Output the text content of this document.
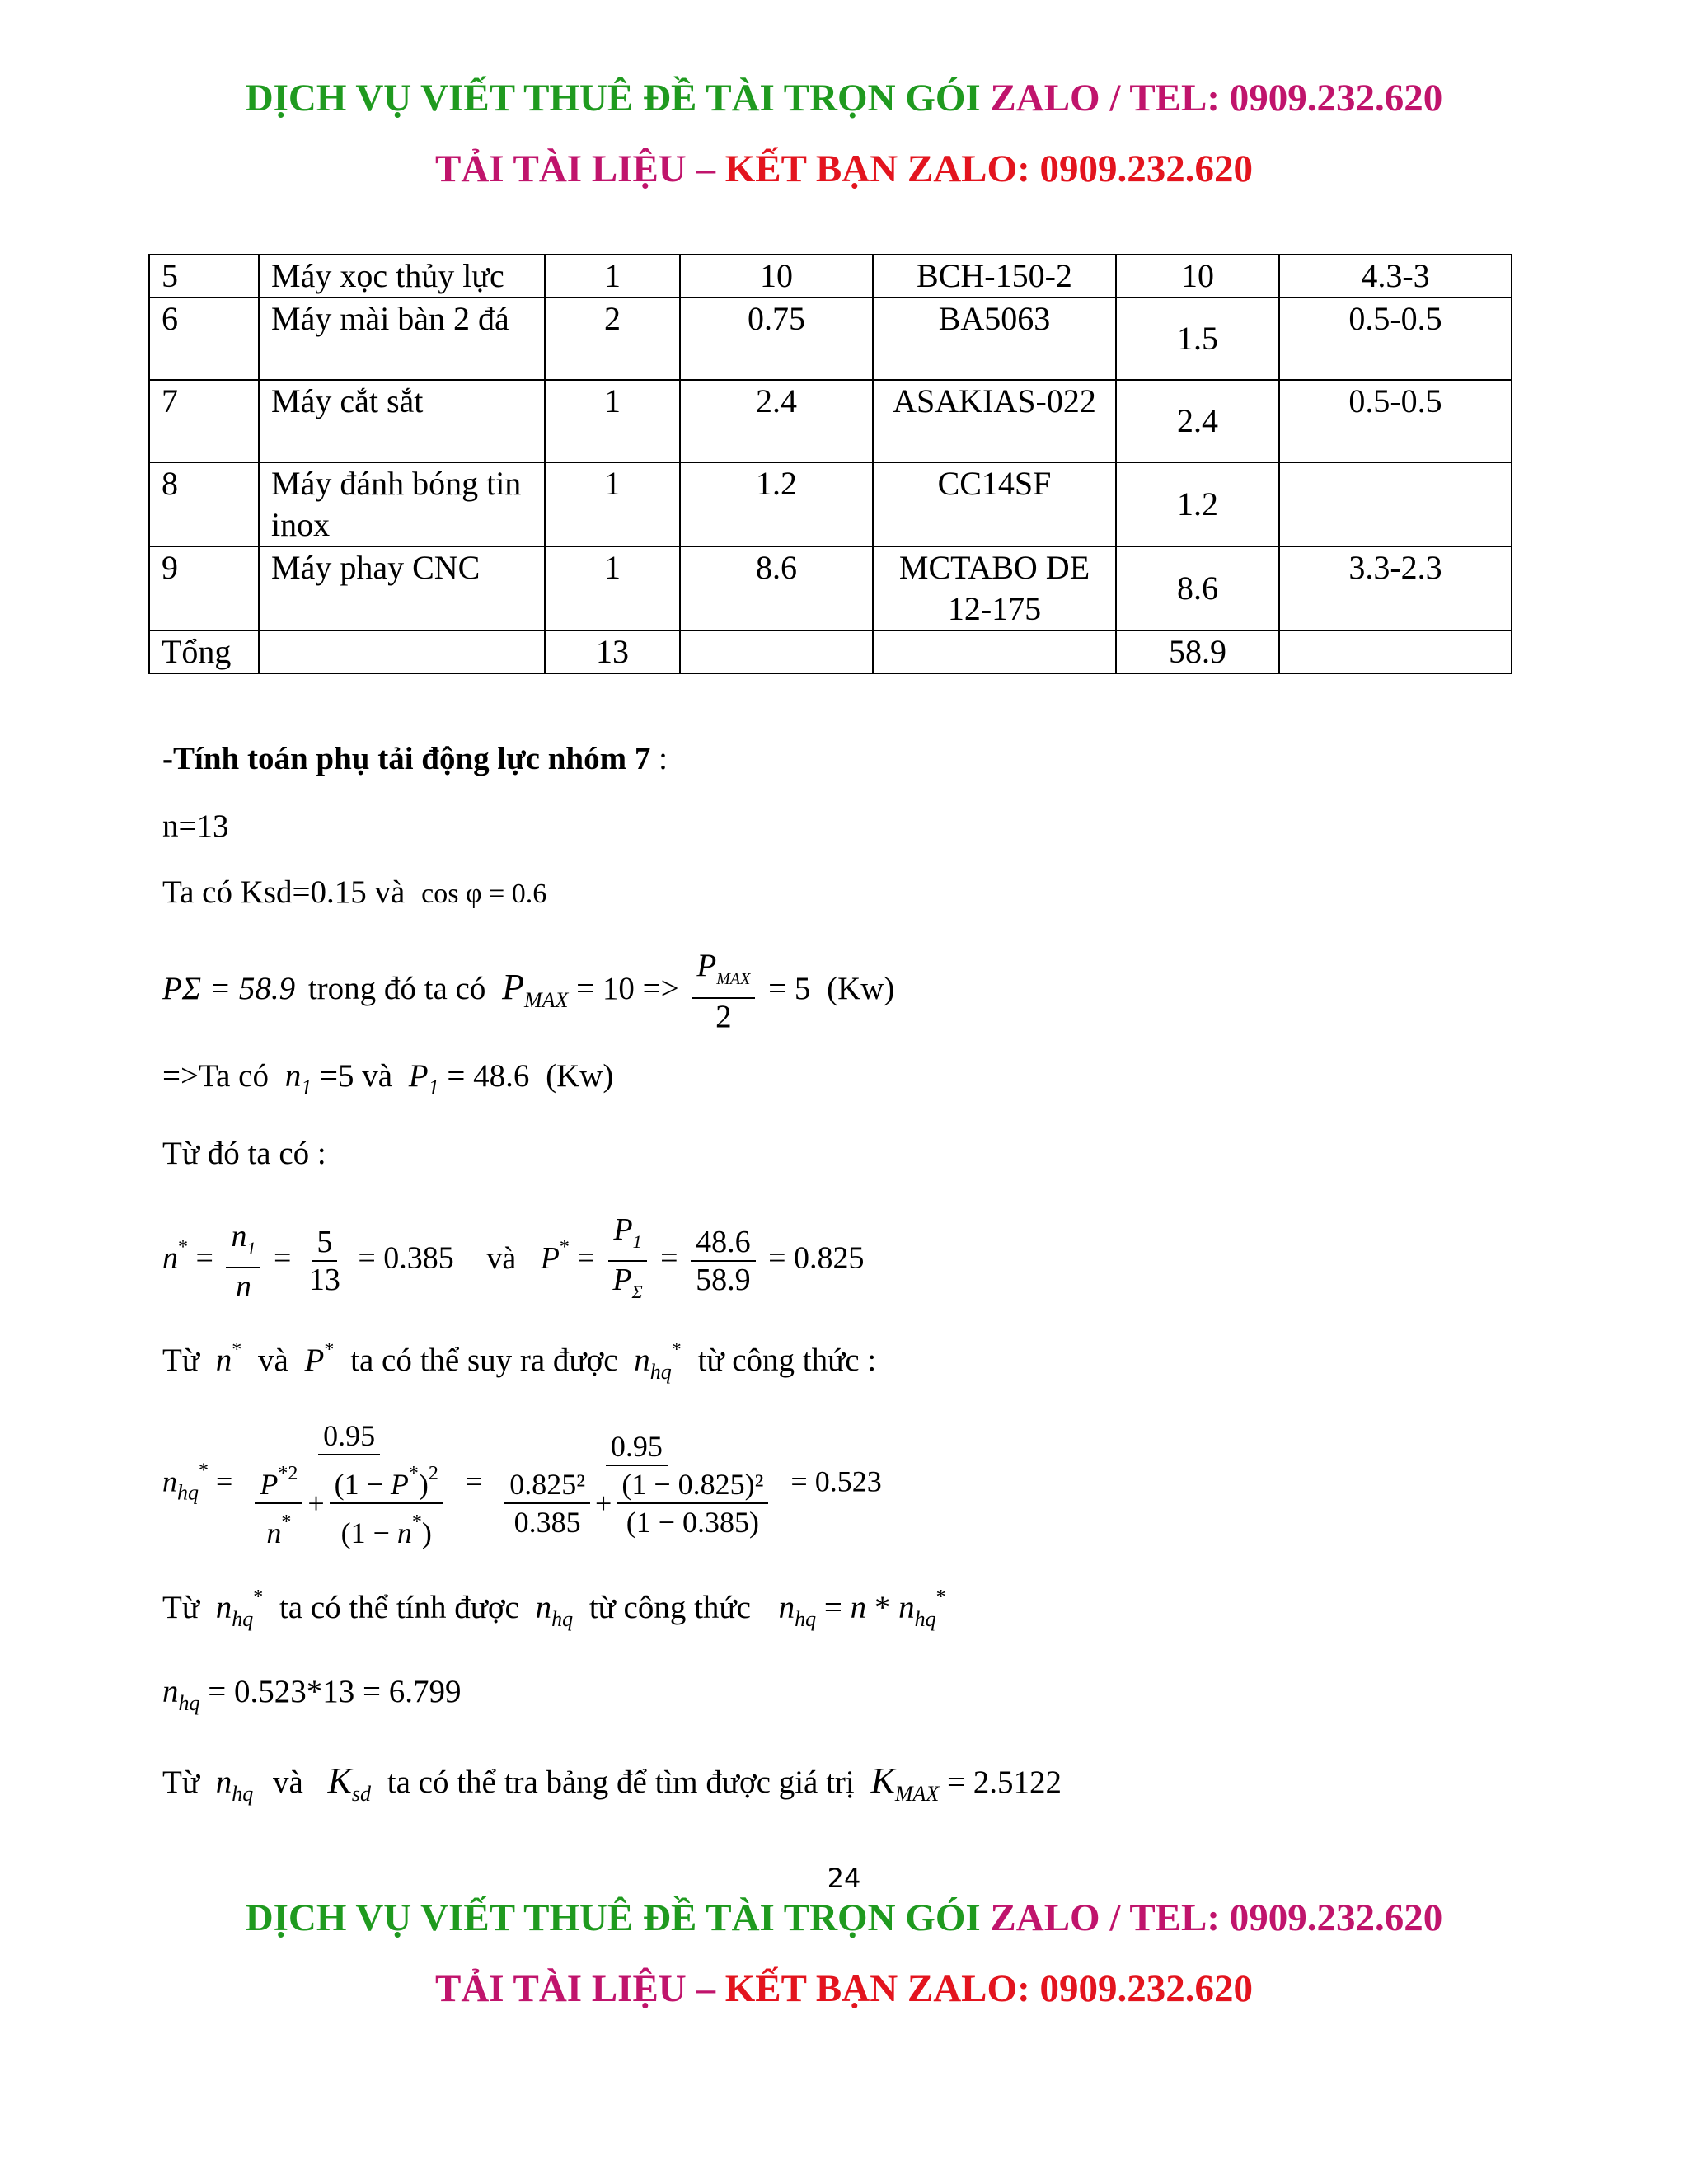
DỊCH VỤ VIẾT THUÊ ĐỀ TÀI TRỌN GÓI ZALO / TEL: 0909.232.620
TẢI TÀI LIỆU – KẾT BẠN ZALO: 0909.232.620
5	Máy xọc thủy lực	1	10	BCH-150-2	10	4.3-3
6	Máy mài bàn 2 đá	2	0.75	BA5063	1.5	0.5-0.5
7	Máy cắt sắt	1	2.4	ASAKIAS-022	2.4	0.5-0.5
8	Máy đánh bóng tin inox	1	1.2	CC14SF	1.2	
9	Máy phay CNC	1	8.6	MCTABO DE 12-175	8.6	3.3-2.3
Tổng		13			58.9	
-Tính toán phụ tải động lực nhóm 7 :
n=13
Ta có Ksd=0.15 và cos φ = 0.6
PΣ = 58.9 trong đó ta có $P_{MAX} = 10 => \frac{P_{MAX}}{2} = 5$ (Kw)
=>Ta có $n_1 =5$ và $P_1 = 48.6$ (Kw)
Từ đó ta có :
$n^* = \frac{n_1}{n} = \frac{5}{13} = 0.385$ và $P^* = \frac{P_1}{P_\Sigma} = \frac{48.6}{58.9} = 0.825$
Từ n* và P* ta có thể suy ra được $n_{hq}^*$ từ công thức :
$n_{hq}^* = \frac{0.95}{\frac{P^{*2}}{n^*} + \frac{(1 - P^*)^2}{(1 - n^*)}} = \frac{0.95}{\frac{\text{0.825²}}{0.385} + \frac{\text{(1 − 0.825)²}}{(1 - 0.385)}} = 0.523$
Từ $n_{hq}^*$ ta có thể tính được $n_{hq}$ từ công thức $n_{hq} = n * n_{hq}^*$
$n_{hq} = 0.523*13 = 6.799$
Từ $n_{hq}$ và $K_{sd}$ ta có thể tra bảng để tìm được giá trị $K_{MAX} = 2.5122$
24
DỊCH VỤ VIẾT THUÊ ĐỀ TÀI TRỌN GÓI ZALO / TEL: 0909.232.620
TẢI TÀI LIỆU – KẾT BẠN ZALO: 0909.232.620
